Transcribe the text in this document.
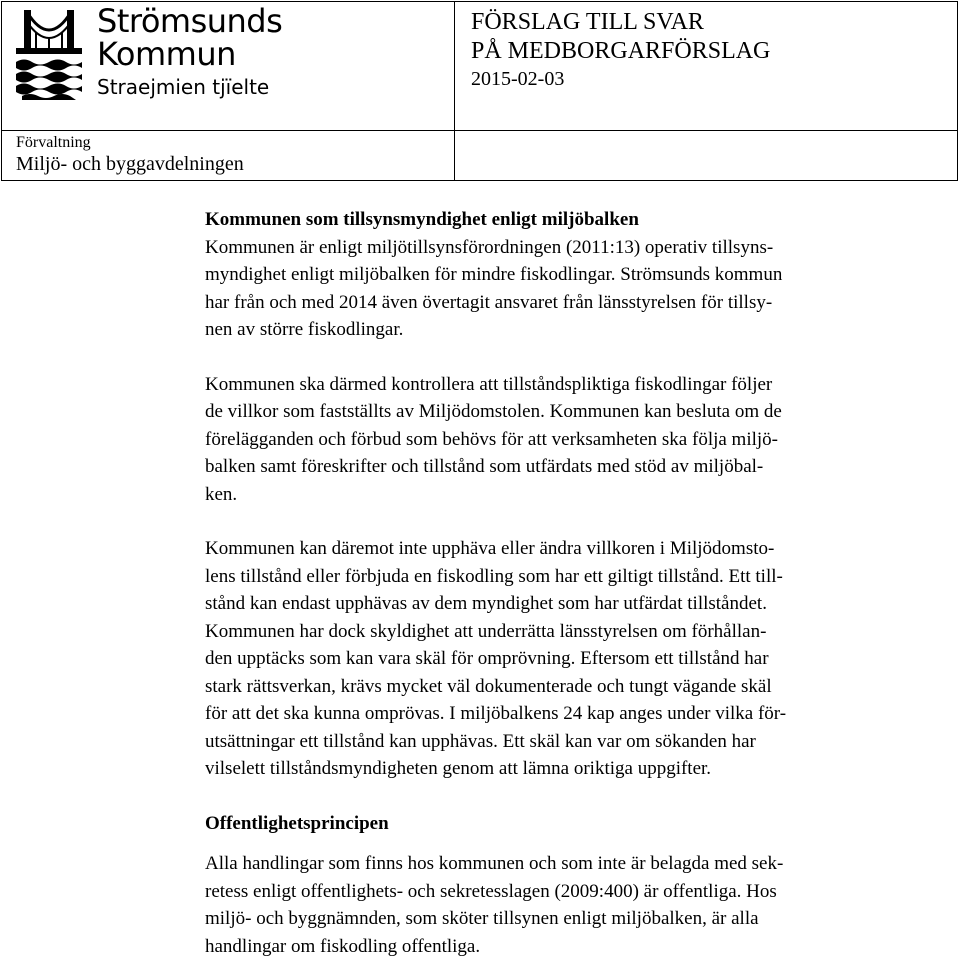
Strömsunds
Kommun
Straejmien tjïelte
FÖRSLAG TILL SVAR
PÅ MEDBORGARFÖRSLAG
2015-02-03
Förvaltning
Miljö- och byggavdelningen
Kommunen som tillsynsmyndighet enligt miljöbalken

Kommunen är enligt miljötillsynsförordningen (2011:13) operativ tillsyns-
myndighet enligt miljöbalken för mindre fiskodlingar. Strömsunds kommun
har från och med 2014 även övertagit ansvaret från länsstyrelsen för tillsy-
nen av större fiskodlingar.

Kommunen ska därmed kontrollera att tillståndspliktiga fiskodlingar följer
de villkor som fastställts av Miljödomstolen. Kommunen kan besluta om de
förelägganden och förbud som behövs för att verksamheten ska följa miljö-
balken samt föreskrifter och tillstånd som utfärdats med stöd av miljöbal-
ken.

Kommunen kan däremot inte upphäva eller ändra villkoren i Miljödomsto-
lens tillstånd eller förbjuda en fiskodling som har ett giltigt tillstånd. Ett till-
stånd kan endast upphävas av dem myndighet som har utfärdat tillståndet.
Kommunen har dock skyldighet att underrätta länsstyrelsen om förhållan-
den upptäcks som kan vara skäl för omprövning. Eftersom ett tillstånd har
stark rättsverkan, krävs mycket väl dokumenterade och tungt vägande skäl
för att det ska kunna omprövas. I miljöbalkens 24 kap anges under vilka för-
utsättningar ett tillstånd kan upphävas. Ett skäl kan var om sökanden har
vilselett tillståndsmyndigheten genom att lämna oriktiga uppgifter.

Offentlighetsprincipen

Alla handlingar som finns hos kommunen och som inte är belagda med sek-
retess enligt offentlighets- och sekretesslagen (2009:400) är offentliga. Hos
miljö- och byggnämnden, som sköter tillsynen enligt miljöbalken, är alla
handlingar om fiskodling offentliga.
